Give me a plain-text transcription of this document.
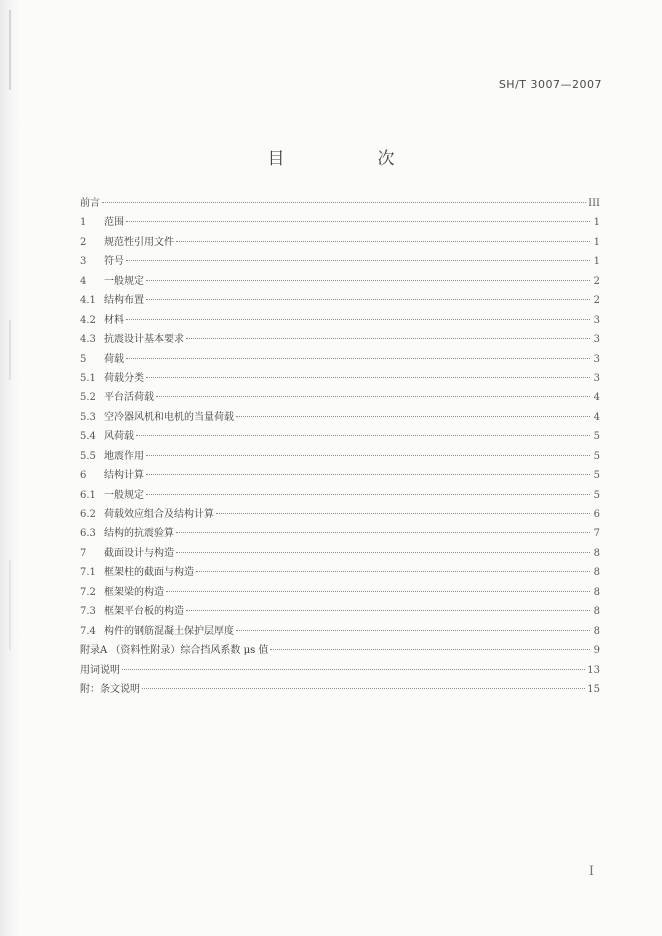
SH/T 3007—2007
目　次
前言	III
1	范围	1
2	规范性引用文件	1
3	符号	1
4	一般规定	2
4.1 结构布置	2
4.2 材料	3
4.3 抗震设计基本要求	3
5	荷载	3
5.1 荷载分类	3
5.2 平台活荷载	4
5.3 空冷器风机和电机的当量荷载	4
5.4 风荷载	5
5.5 地震作用	5
6	结构计算	5
6.1 一般规定	5
6.2 荷载效应组合及结构计算	6
6.3 结构的抗震验算	7
7	截面设计与构造	8
7.1 框架柱的截面与构造	8
7.2 框架梁的构造	8
7.3 框架平台板的构造	8
7.4 构件的钢筋混凝土保护层厚度	8
附录A （资料性附录）综合挡风系数 μs 值	9
用词说明	13
附：条文说明	15
I
